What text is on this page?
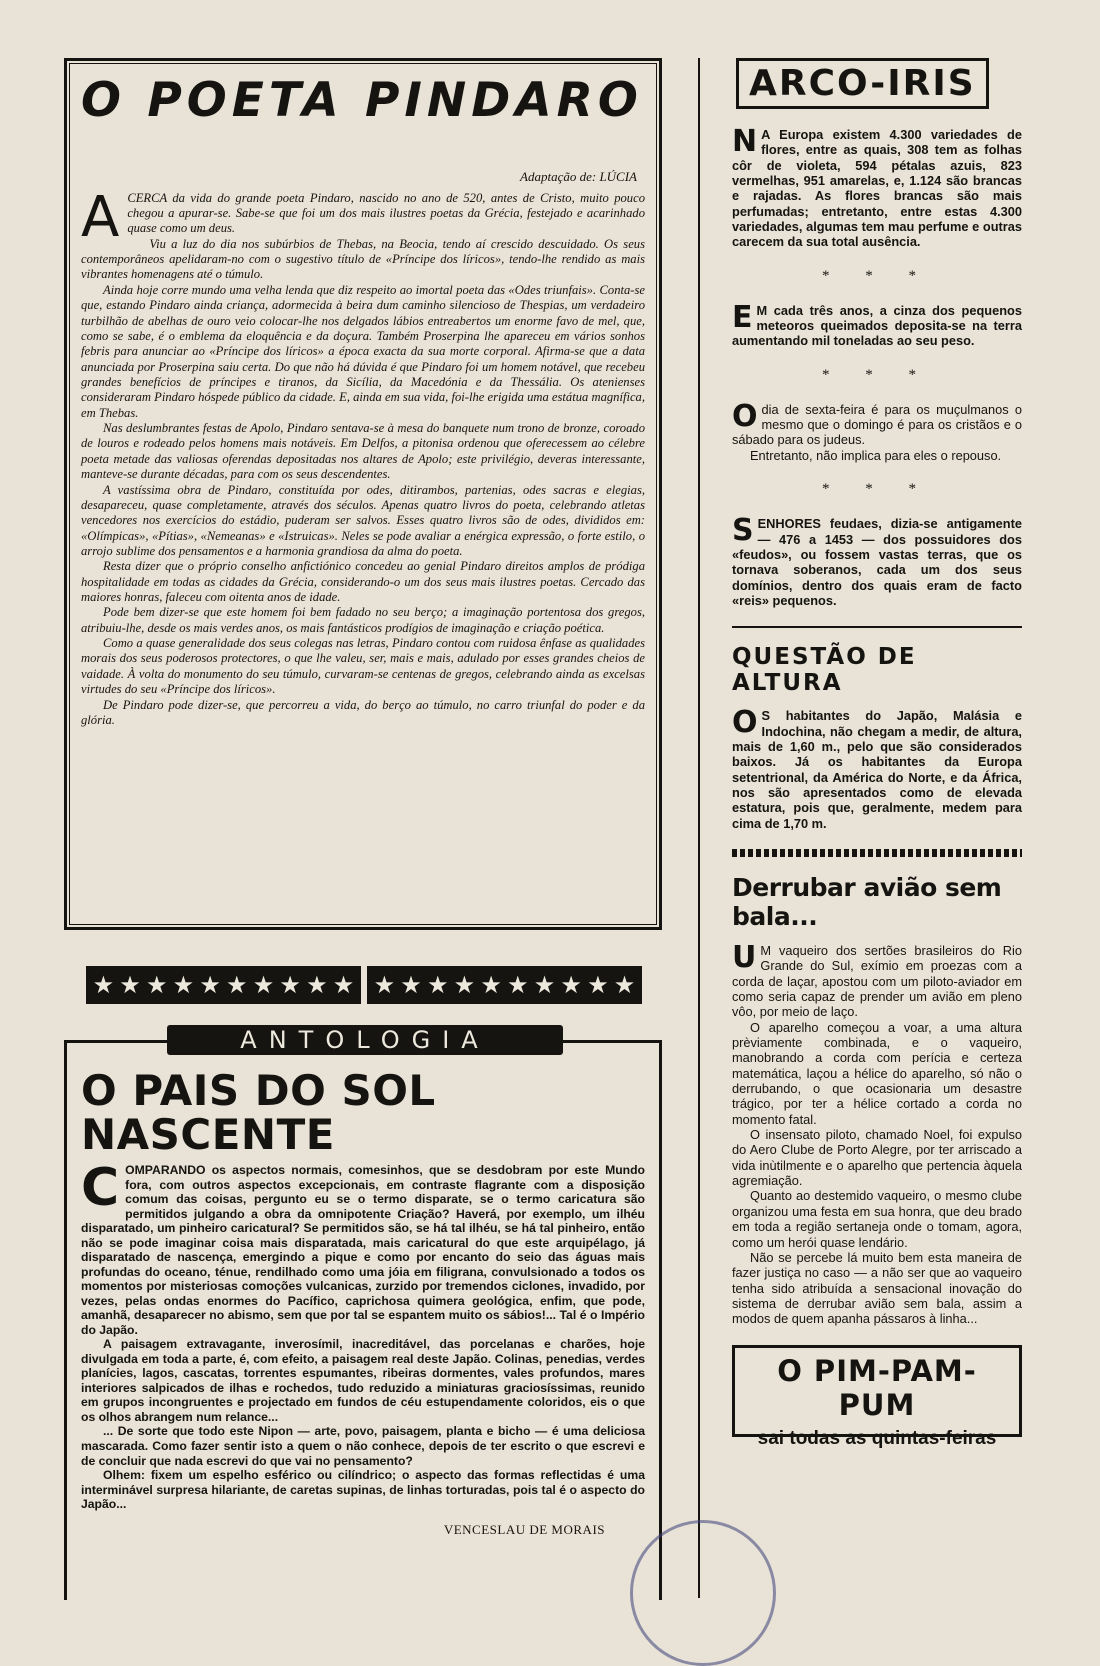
O POETA PINDARO
Adaptação de: LÚCIA

ACERCA da vida do grande poeta Pindaro, nascido no ano de 520, antes de Cristo, muito pouco chegou a apurar-se. Sabe-se que foi um dos mais ilustres poetas da Grécia, festejado e acarinhado quase como um deus.

Viu a luz do dia nos subúrbios de Thebas, na Beocia, tendo aí crescido descuidado. Os seus contemporâneos apelidaram-no com o sugestivo título de «Príncipe dos líricos», tendo-lhe rendido as mais vibrantes homenagens até o túmulo.

Ainda hoje corre mundo uma velha lenda que diz respeito ao imortal poeta das «Odes triunfais». Conta-se que, estando Pindaro ainda criança, adormecida à beira dum caminho silencioso de Thespias, um verdadeiro turbilhão de abelhas de ouro veio colocar-lhe nos delgados lábios entreabertos um enorme favo de mel, que, como se sabe, é o emblema da eloquência e da doçura. Também Proserpina lhe apareceu em vários sonhos febris para anunciar ao «Príncipe dos líricos» a época exacta da sua morte corporal. Afirma-se que a data anunciada por Proserpina saiu certa. Do que não há dúvida é que Pindaro foi um homem notável, que recebeu grandes benefícios de príncipes e tiranos, da Sicília, da Macedónia e da Thessália. Os atenienses consideraram Pindaro hóspede público da cidade. E, ainda em sua vida, foi-lhe erigida uma estátua magnífica, em Thebas.

Nas deslumbrantes festas de Apolo, Pindaro sentava-se à mesa do banquete num trono de bronze, coroado de louros e rodeado pelos homens mais notáveis. Em Delfos, a pitonisa ordenou que oferecessem ao célebre poeta metade das valiosas oferendas depositadas nos altares de Apolo; este privilégio, deveras interessante, manteve-se durante décadas, para com os seus descendentes.

A vastíssima obra de Pindaro, constituída por odes, ditirambos, partenias, odes sacras e elegias, desapareceu, quase completamente, através dos séculos. Apenas quatro livros do poeta, celebrando atletas vencedores nos exercícios do estádio, puderam ser salvos. Esses quatro livros são de odes, divididos em: «Olímpicas», «Pítias», «Nemeanas» e «Istruicas». Neles se pode avaliar a enérgica expressão, o forte estilo, o arrojo sublime dos pensamentos e a harmonia grandiosa da alma do poeta.

Resta dizer que o próprio conselho anfictiónico concedeu ao genial Pindaro direitos amplos de pródiga hospitalidade em todas as cidades da Grécia, considerando-o um dos seus mais ilustres poetas. Cercado das maiores honras, faleceu com oitenta anos de idade.

Pode bem dizer-se que este homem foi bem fadado no seu berço; a imaginação portentosa dos gregos, atribuiu-lhe, desde os mais verdes anos, os mais fantásticos prodígios de imaginação e criação poética.

Como a quase generalidade dos seus colegas nas letras, Pindaro contou com ruidosa ênfase as qualidades morais dos seus poderosos protectores, o que lhe valeu, ser, mais e mais, adulado por esses grandes cheios de vaidade. À volta do monumento do seu túmulo, curvaram-se centenas de gregos, celebrando ainda as excelsas virtudes do seu «Príncipe dos líricos».

De Pindaro pode dizer-se, que percorreu a vida, do berço ao túmulo, no carro triunfal do poder e da glória.

★ ★ ★ ★ ★ ★ ★ ★ ★ ★ ★ ★ ★ ★ ★ ★ ★ ★ ★ ★
ANTOLOGIA
O PAIS DO SOL NASCENTE

COMPARANDO os aspectos normais, comesinhos, que se desdobram por este Mundo fora, com outros aspectos excepcionais, em contraste flagrante com a disposição comum das coisas, pergunto eu se o termo disparate, se o termo caricatura são permitidos julgando a obra da omnipotente Criação? Haverá, por exemplo, um ilhéu disparatado, um pinheiro caricatural? Se permitidos são, se há tal ilhéu, se há tal pinheiro, então não se pode imaginar coisa mais disparatada, mais caricatural do que este arquipélago, já disparatado de nascença, emergindo a pique e como por encanto do seio das águas mais profundas do oceano, ténue, rendilhado como uma jóia em filigrana, convulsionado a todos os momentos por misteriosas comoções vulcanicas, zurzido por tremendos ciclones, invadido, por vezes, pelas ondas enormes do Pacífico, caprichosa quimera geológica, enfim, que pode, amanhã, desaparecer no abismo, sem que por tal se espantem muito os sábios!... Tal é o Império do Japão.

A paisagem extravagante, inverosímil, inacreditável, das porcelanas e charões, hoje divulgada em toda a parte, é, com efeito, a paisagem real deste Japão. Colinas, penedias, verdes planícies, lagos, cascatas, torrentes espumantes, ribeiras dormentes, vales profundos, mares interiores salpicados de ilhas e rochedos, tudo reduzido a miniaturas graciosíssimas, reunido em grupos incongruentes e projectado em fundos de céu estupendamente coloridos, eis o que os olhos abrangem num relance...

... De sorte que todo este Nipon — arte, povo, paisagem, planta e bicho — é uma deliciosa mascarada. Como fazer sentir isto a quem o não conhece, depois de ter escrito o que escrevi e de concluir que nada escrevi do que vai no pensamento?

Olhem: fixem um espelho esférico ou cilíndrico; o aspecto das formas reflectidas é uma interminável surpresa hilariante, de caretas supinas, de linhas torturadas, pois tal é o aspecto do Japão...

VENCESLAU DE MORAIS
ARCO-IRIS

N A Europa existem 4.300 variedades de flores, entre as quais, 308 tem as folhas côr de violeta, 594 pétalas azuis, 823 vermelhas, 951 amarelas, e, 1.124 são brancas e rajadas. As flores brancas são mais perfumadas; entretanto, entre estas 4.300 variedades, algumas tem mau perfume e outras carecem da sua total ausência.

* * *

E M cada três anos, a cinza dos pequenos meteoros queimados deposita-se na terra aumentando mil toneladas ao seu peso.

* * *

Odia de sexta-feira é para os muçulmanos o mesmo que o domingo é para os cristãos e o sábado para os judeus.

Entretanto, não implica para eles o repouso.

* * *

SENHORES feudaes, dizia-se antigamente — 476 a 1453 — dos possuidores dos «feudos», ou fossem vastas terras, que os tornava soberanos, cada um dos seus domínios, dentro dos quais eram de facto «reis» pequenos.

QUESTÃO DE ALTURA

O S habitantes do Japão, Malásia e Indochina, não chegam a medir, de altura, mais de 1,60 m., pelo que são considerados baixos. Já os habitantes da Europa setentrional, da América do Norte, e da África, nos são apresentados como de elevada estatura, pois que, geralmente, medem para cima de 1,70 m.

Derrubar avião sem bala...

U M vaqueiro dos sertões brasileiros do Rio Grande do Sul, exímio em proezas com a corda de laçar, apostou com um piloto-aviador em como seria capaz de prender um avião em pleno vôo, por meio de laço.

O aparelho começou a voar, a uma altura prèviamente combinada, e o vaqueiro, manobrando a corda com perícia e certeza matemática, laçou a hélice do aparelho, só não o derrubando, o que ocasionaria um desastre trágico, por ter a hélice cortado a corda no momento fatal.

O insensato piloto, chamado Noel, foi expulso do Aero Clube de Porto Alegre, por ter arriscado a vida inùtilmente e o aparelho que pertencia àquela agremiação.

Quanto ao destemido vaqueiro, o mesmo clube organizou uma festa em sua honra, que deu brado em toda a região sertaneja onde o tomam, agora, como um herói quase lendário.

Não se percebe lá muito bem esta maneira de fazer justiça no caso — a não ser que ao vaqueiro tenha sido atribuída a sensacional inovação do sistema de derrubar avião sem bala, assim a modos de quem apanha pássaros à linha...

O PIM-PAM-PUM
sai todas as quintas-feiras
